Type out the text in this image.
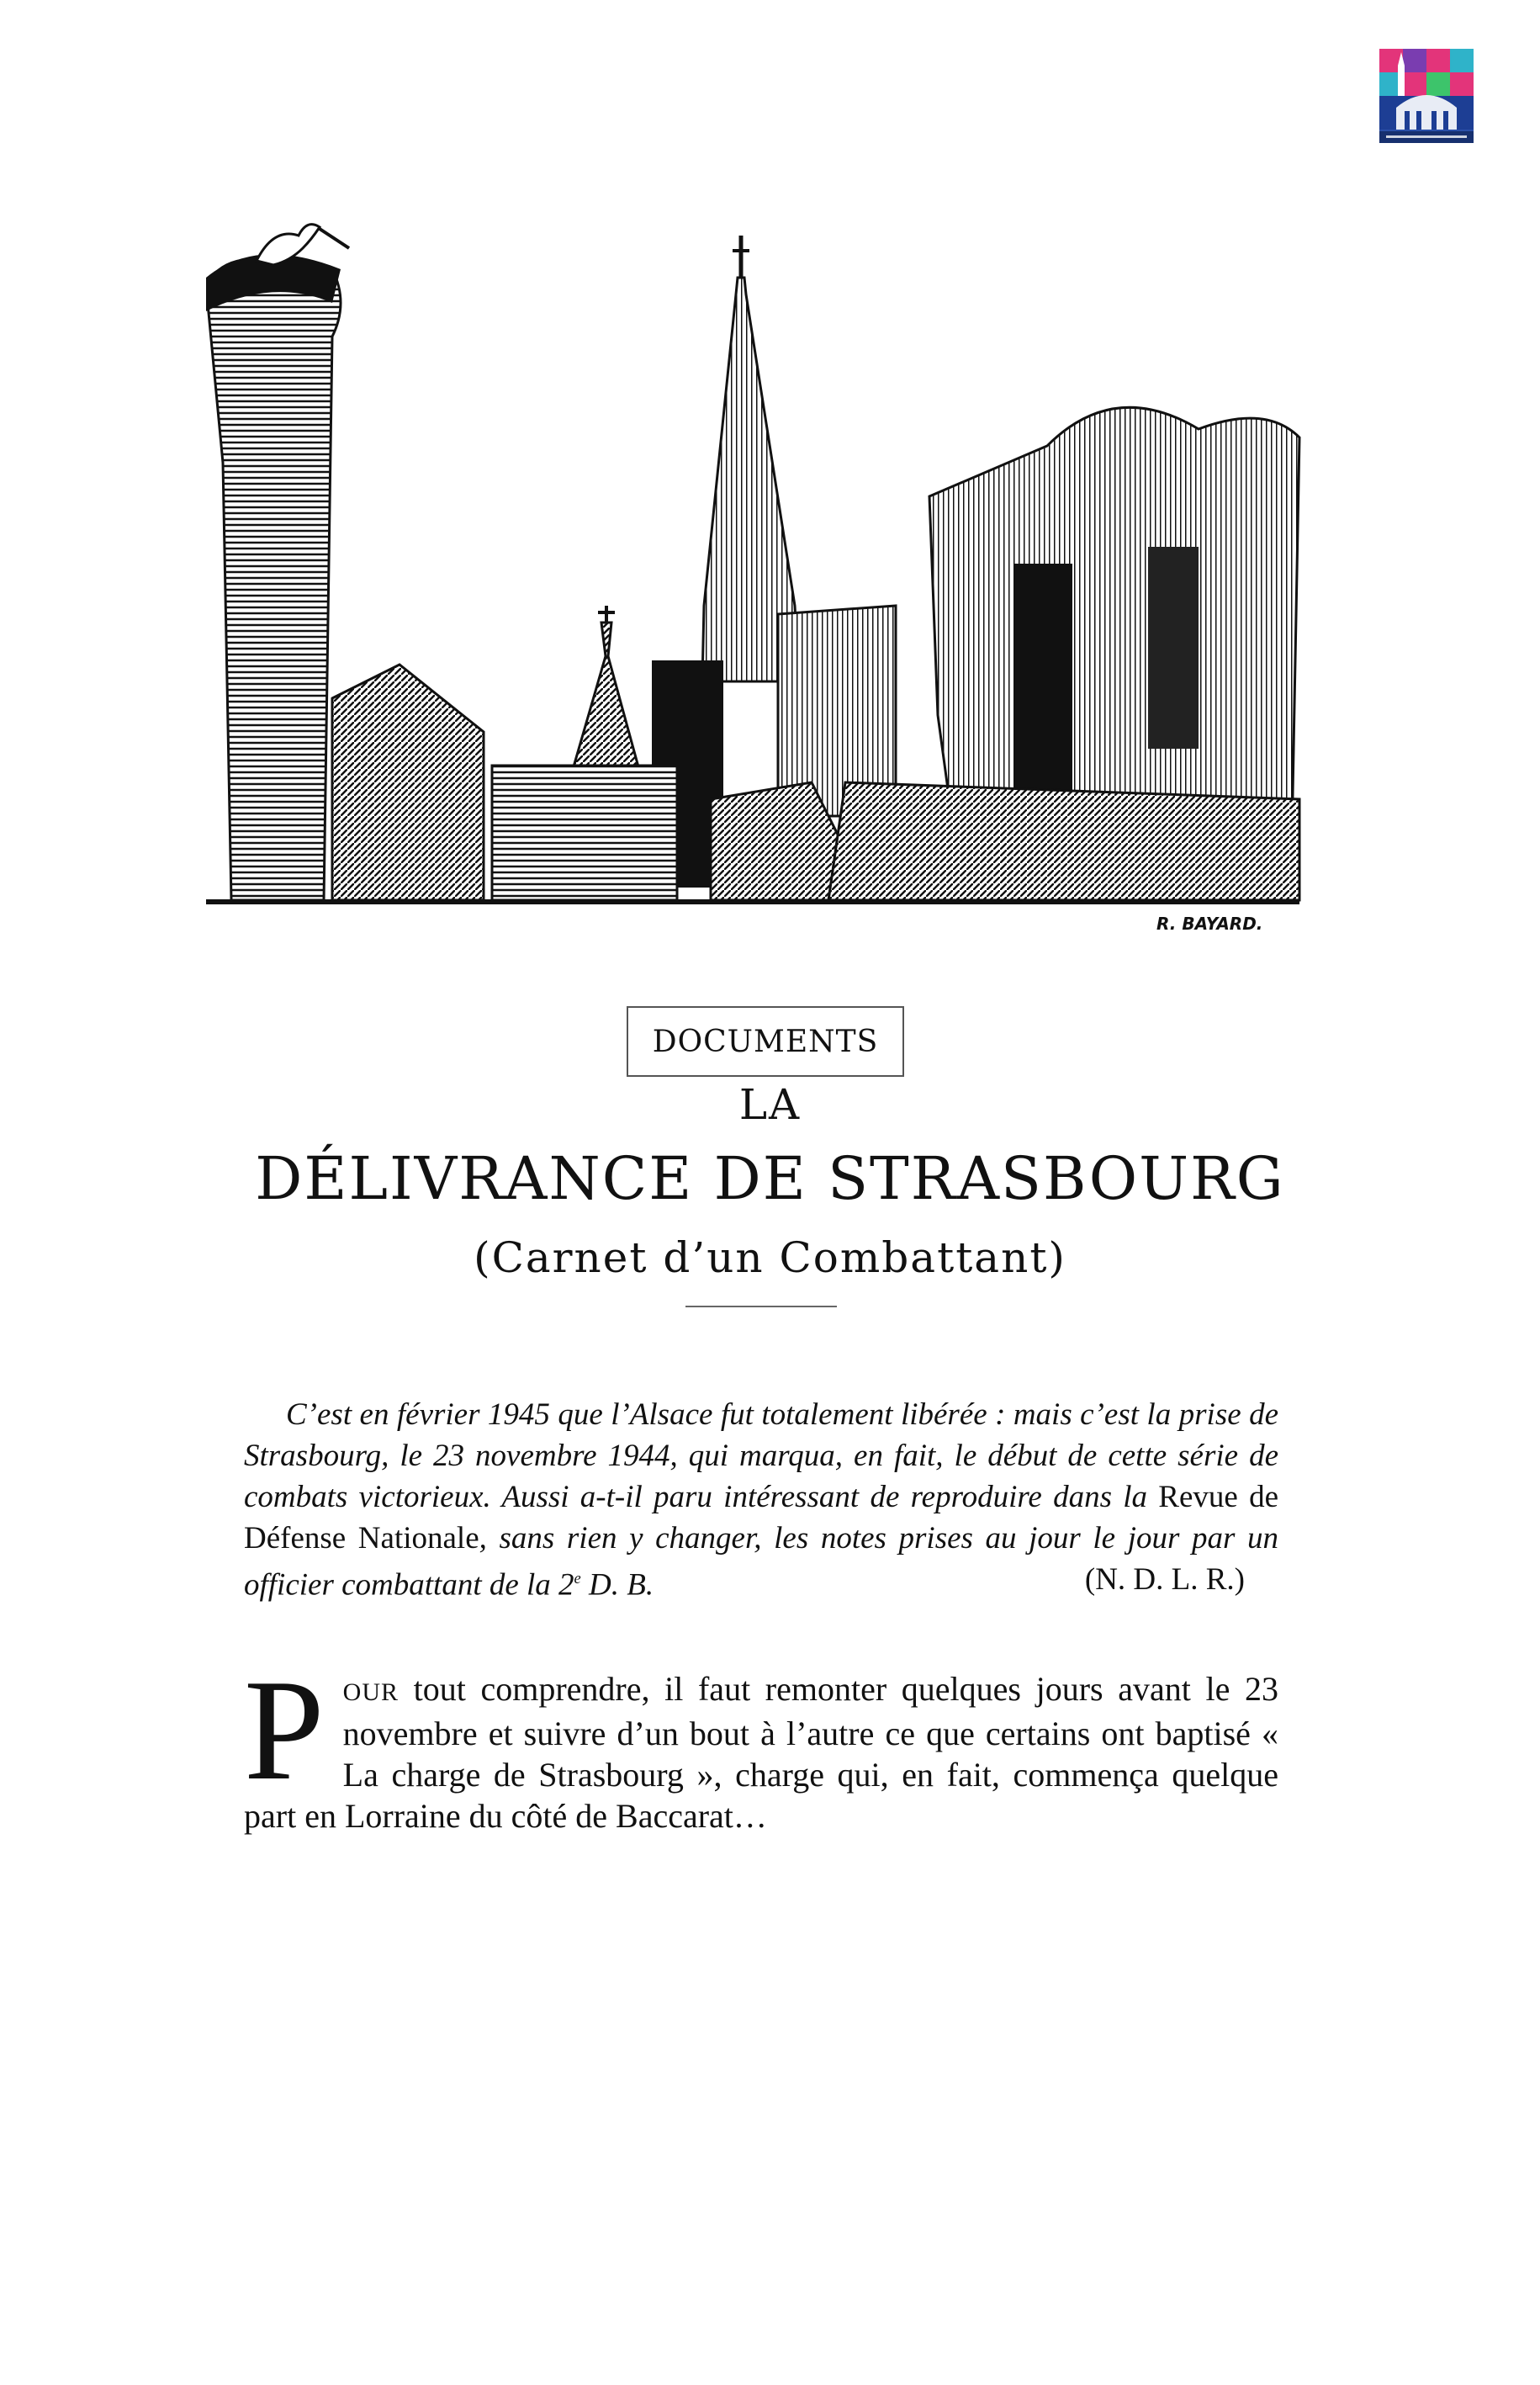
R. BAYARD.
DOCUMENTS
LA
DÉLIVRANCE DE STRASBOURG
(Carnet d’un Combattant)

C’est en février 1945 que l’Alsace fut totalement libérée : mais c’est la prise de Strasbourg, le 23 novembre 1944, qui marqua, en fait, le début de cette série de combats victorieux. Aussi a-t-il paru intéressant de reproduire dans la Revue de Défense Nationale, sans rien y changer, les notes prises au jour le jour par un officier combattant de la 2e D. B.	(N. D. L. R.)

POUR tout comprendre, il faut remonter quelques jours avant le 23 novembre et suivre d’un bout à l’autre ce que certains ont baptisé « La charge de Strasbourg », charge qui, en fait, commença quelque part en Lorraine du côté de Baccarat…
